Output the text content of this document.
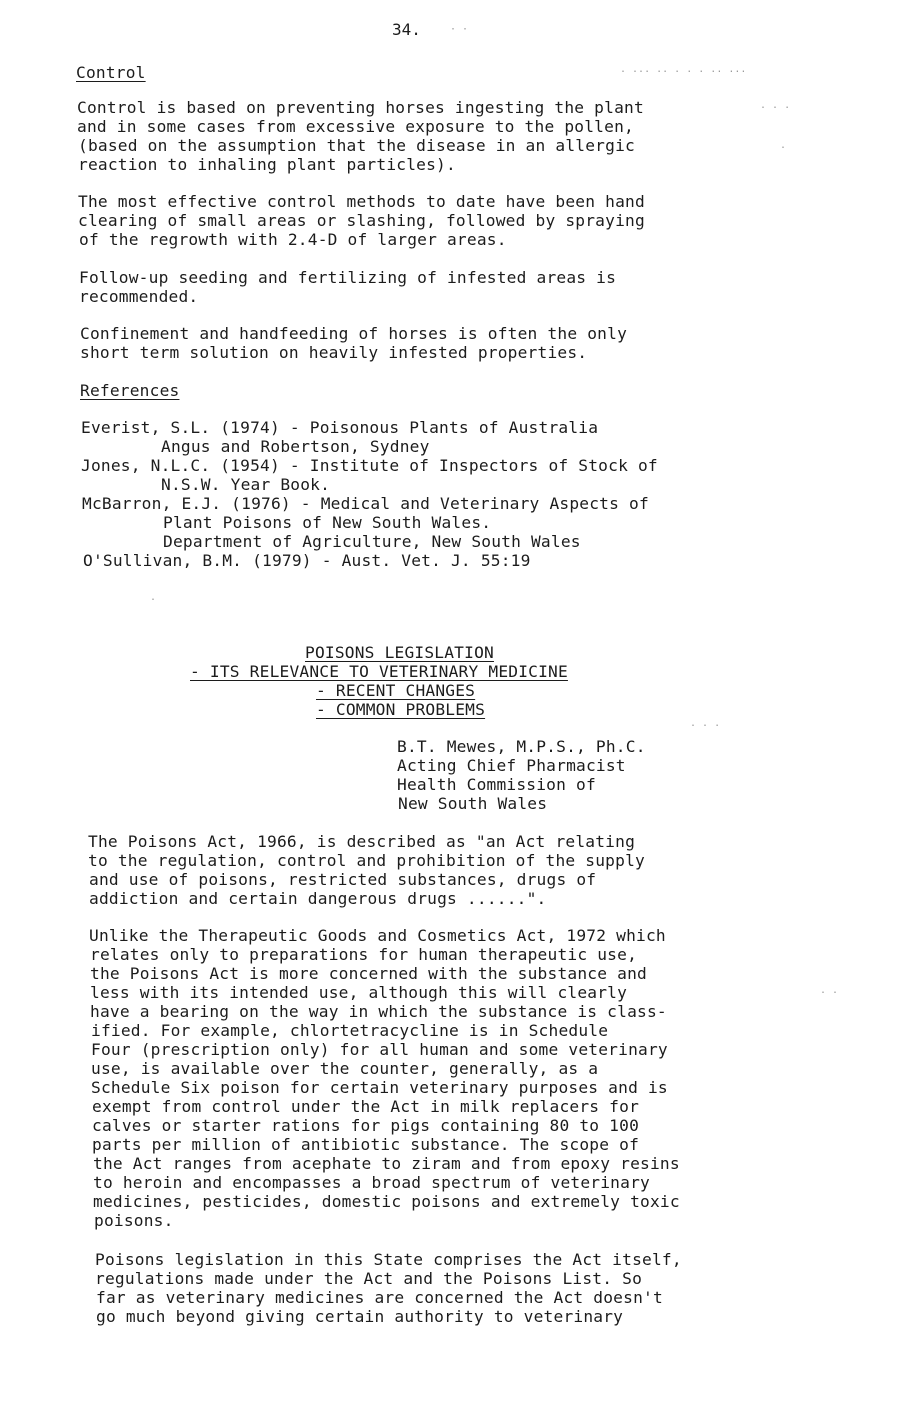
34.	· ·
. ... .. . . . .. ...
. . .
.
. . .
. .
.
Control
Control is based on preventing horses ingesting the plant
and in some cases from excessive exposure to the pollen,
(based on the assumption that the disease in an allergic
reaction to inhaling plant particles).
The most effective control methods to date have been hand
clearing of small areas or slashing, followed by spraying
of the regrowth with 2.4-D of larger areas.
Follow-up seeding and fertilizing of infested areas is
recommended.
Confinement and handfeeding of horses is often the only
short term solution on heavily infested properties.
References
Everist, S.L. (1974) - Poisonous Plants of Australia
Angus and Robertson, Sydney
Jones, N.L.C. (1954) - Institute of Inspectors of Stock of
N.S.W. Year Book.
McBarron, E.J. (1976) - Medical and Veterinary Aspects of
Plant Poisons of New South Wales.
Department of Agriculture, New South Wales
O'Sullivan, B.M. (1979) - Aust. Vet. J. 55:19
POISONS LEGISLATION
- ITS RELEVANCE TO VETERINARY MEDICINE
- RECENT CHANGES
- COMMON PROBLEMS
B.T. Mewes, M.P.S., Ph.C.
Acting Chief Pharmacist
Health Commission of
New South Wales
The Poisons Act, 1966, is described as "an Act relating
to the regulation, control and prohibition of the supply
and use of poisons, restricted substances, drugs of
addiction and certain dangerous drugs ......".
Unlike the Therapeutic Goods and Cosmetics Act, 1972 which
relates only to preparations for human therapeutic use,
the Poisons Act is more concerned with the substance and
less with its intended use, although this will clearly
have a bearing on the way in which the substance is class-
ified. For example, chlortetracycline is in Schedule
Four (prescription only) for all human and some veterinary
use, is available over the counter, generally, as a
Schedule Six poison for certain veterinary purposes and is
exempt from control under the Act in milk replacers for
calves or starter rations for pigs containing 80 to 100
parts per million of antibiotic substance. The scope of
the Act ranges from acephate to ziram and from epoxy resins
to heroin and encompasses a broad spectrum of veterinary
medicines, pesticides, domestic poisons and extremely toxic
poisons.
Poisons legislation in this State comprises the Act itself,
regulations made under the Act and the Poisons List. So
far as veterinary medicines are concerned the Act doesn't
go much beyond giving certain authority to veterinary
